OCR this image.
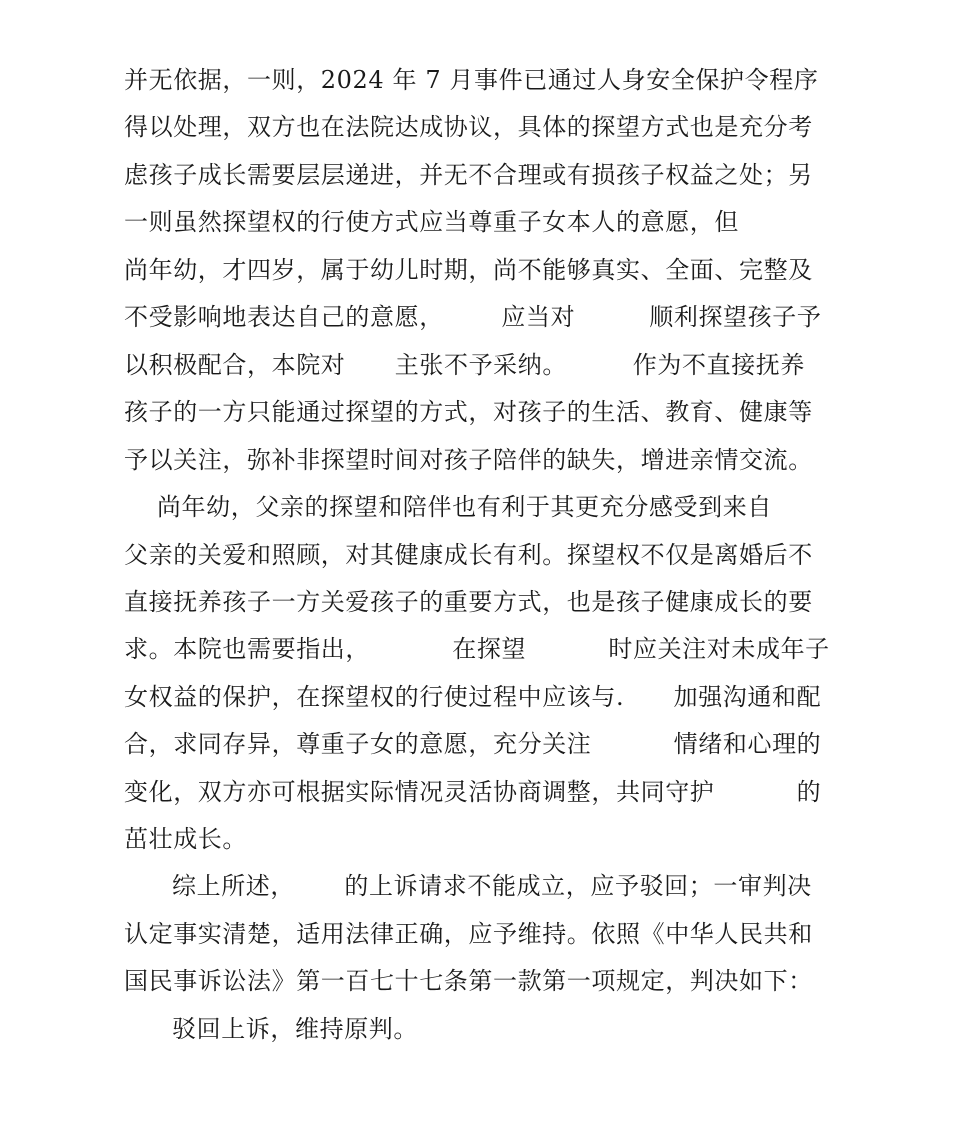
并无依据，一则，2024 年 7 月事件已通过人身安全保护令程序
得以处理，双方也在法院达成协议，具体的探望方式也是充分考
虑孩子成长需要层层递进，并无不合理或有损孩子权益之处；另
一则虽然探望权的行使方式应当尊重子女本人的意愿，但
尚年幼，才四岁，属于幼儿时期，尚不能够真实、全面、完整及
不受影响地表达自己的意愿，       应当对         顺利探望孩子予
以积极配合，本院对      主张不予采纳。        作为不直接抚养
孩子的一方只能通过探望的方式，对孩子的生活、教育、健康等
予以关注，弥补非探望时间对孩子陪伴的缺失，增进亲情交流。
尚年幼，父亲的探望和陪伴也有利于其更充分感受到来自
父亲的关爱和照顾，对其健康成长有利。探望权不仅是离婚后不
直接抚养孩子一方关爱孩子的重要方式，也是孩子健康成长的要
求。本院也需要指出，          在探望          时应关注对未成年子
女权益的保护，在探望权的行使过程中应该与.      加强沟通和配
合，求同存异，尊重子女的意愿，充分关注          情绪和心理的
变化，双方亦可根据实际情况灵活协商调整，共同守护          的
茁壮成长。
综上所述，      的上诉请求不能成立，应予驳回；一审判决
认定事实清楚，适用法律正确，应予维持。依照《中华人民共和
国民事诉讼法》第一百七十七条第一款第一项规定，判决如下：
驳回上诉，维持原判。
